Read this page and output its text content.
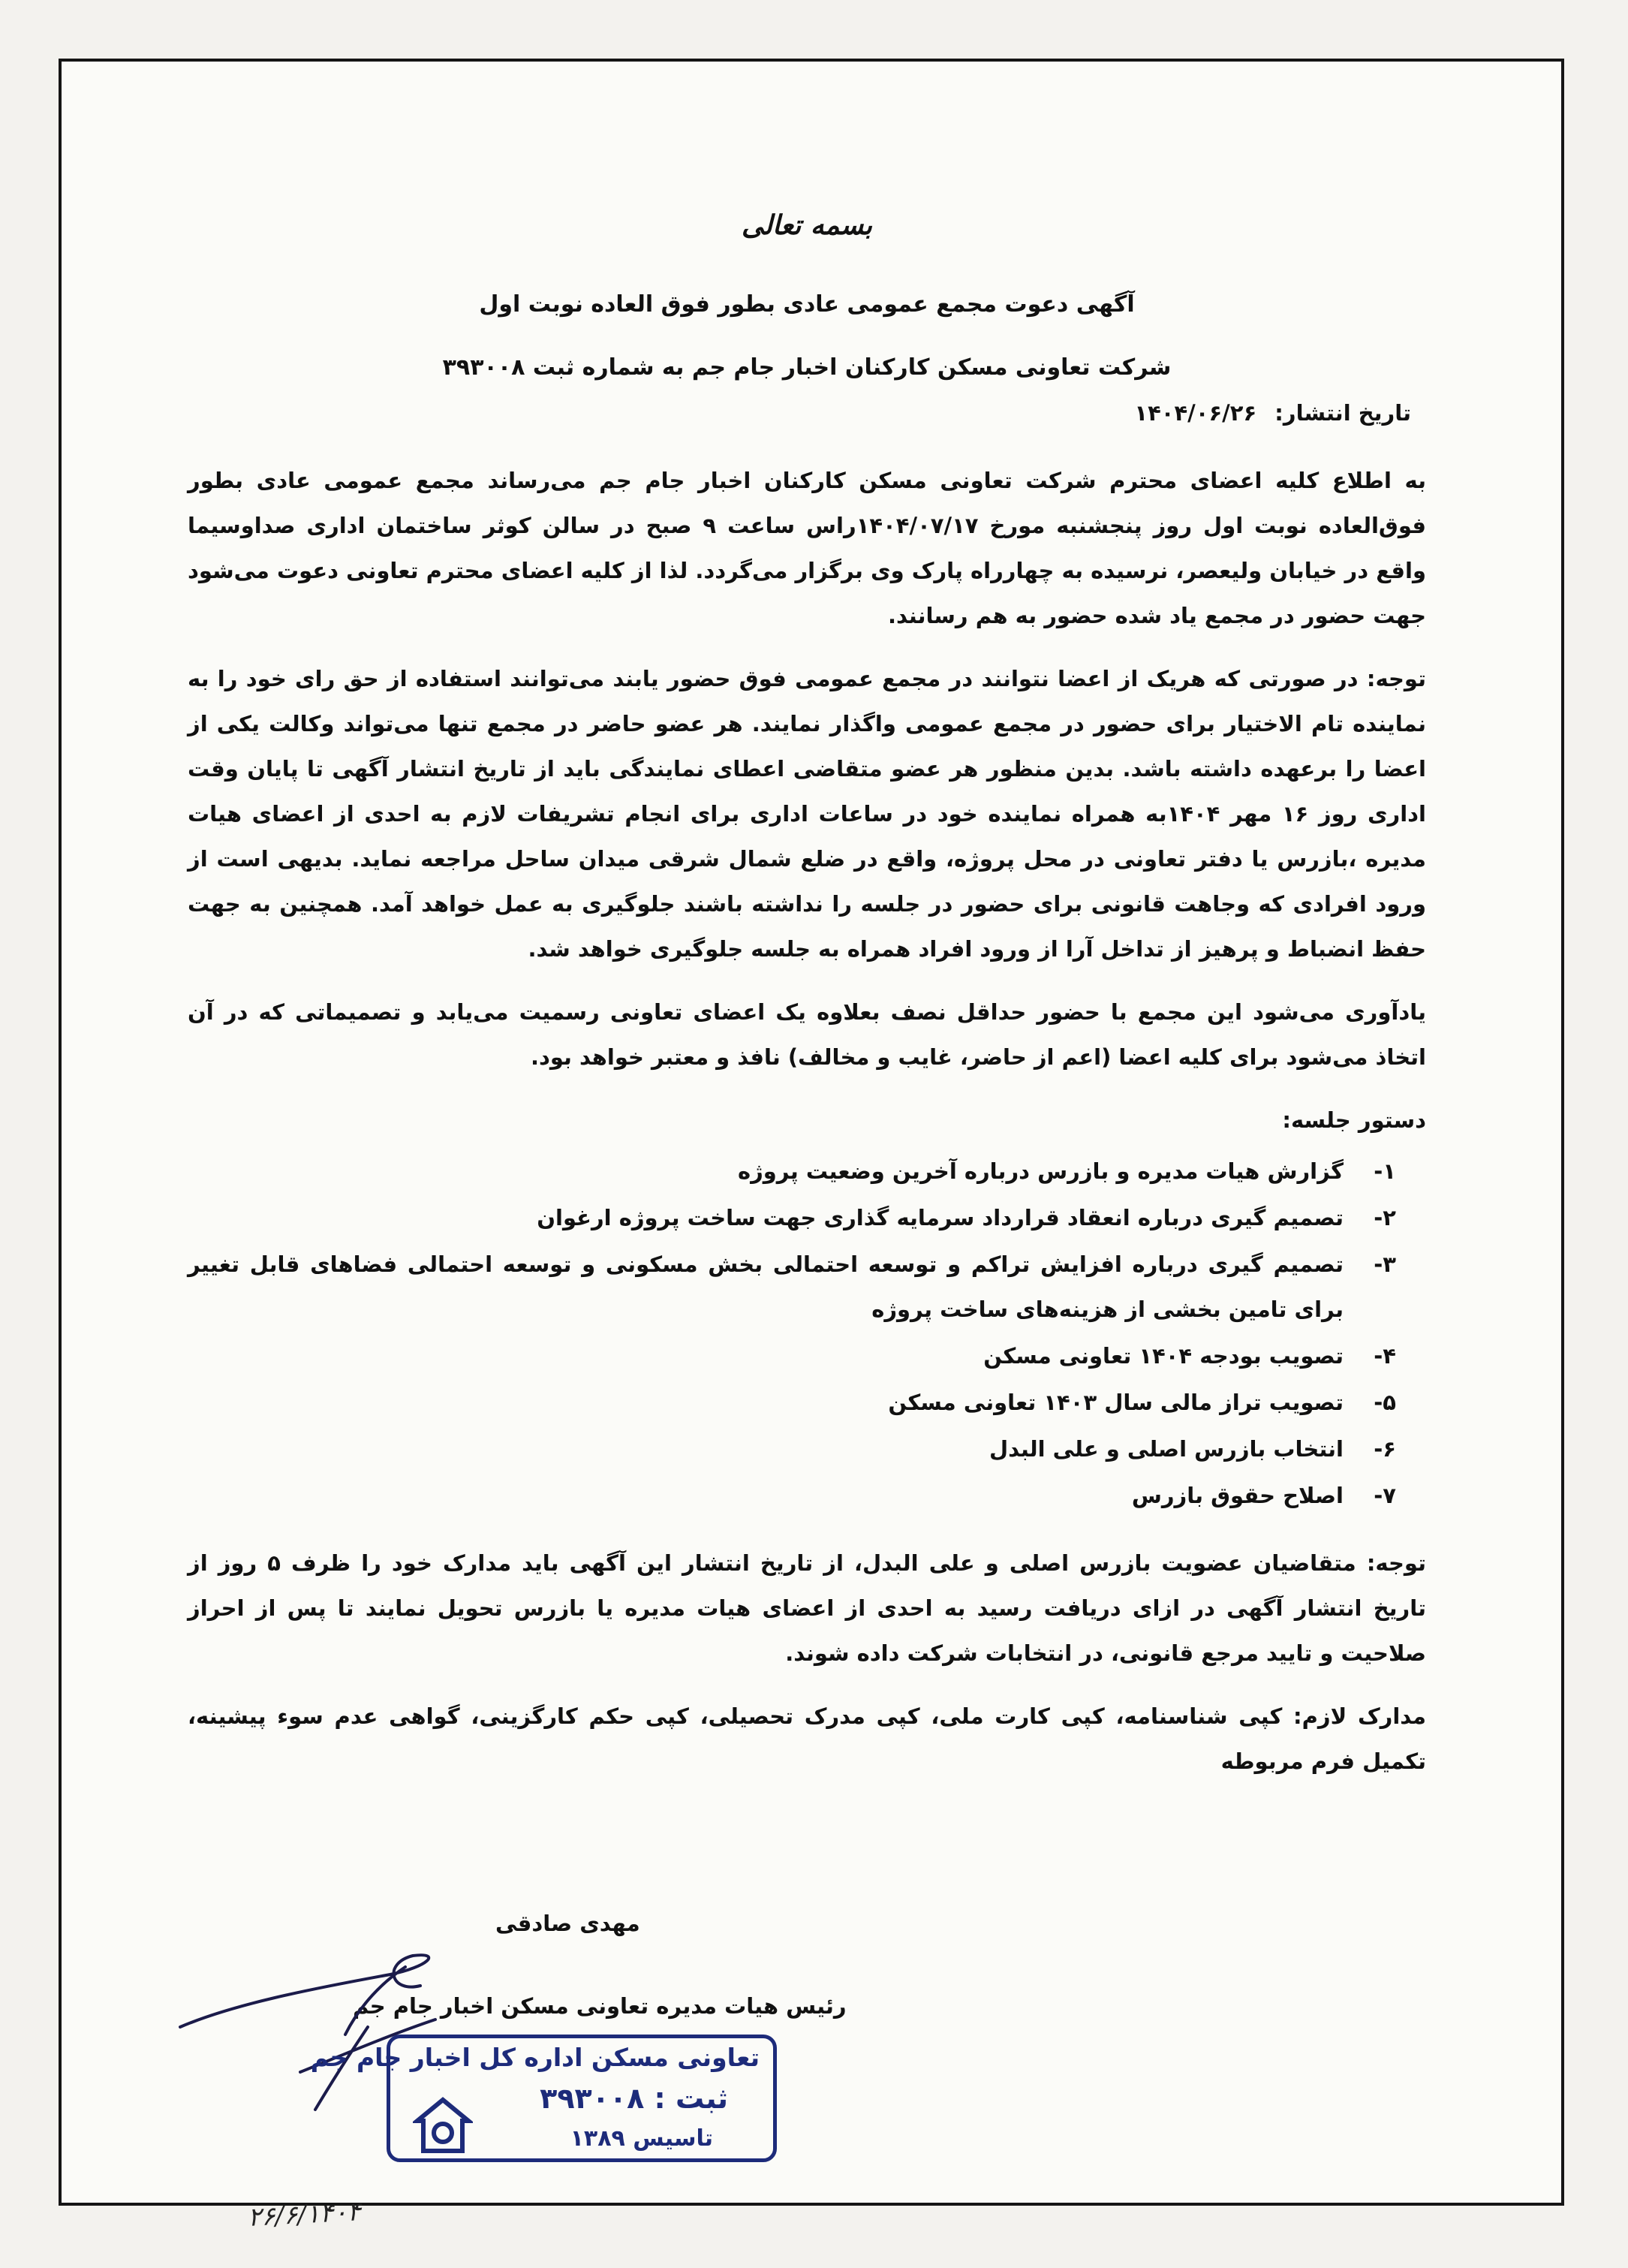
بسمه تعالی
آگهی دعوت مجمع عمومی عادی بطور فوق العاده نوبت اول
شرکت تعاونی مسکن کارکنان اخبار جام جم به شماره ثبت ۳۹۳۰۰۸
تاریخ انتشار: ۱۴۰۴/۰۶/۲۶

به اطلاع کلیه اعضای محترم شرکت تعاونی مسکن کارکنان اخبار جام جم می‌رساند مجمع عمومی عادی بطور فوق‌العاده نوبت اول روز پنجشنبه مورخ ۱۴۰۴/۰۷/۱۷راس ساعت ۹ صبح در سالن کوثر ساختمان اداری صداوسیما واقع در خیابان ولیعصر، نرسیده به چهارراه پارک وی برگزار می‌گردد. لذا از کلیه اعضای محترم تعاونی دعوت می‌شود جهت حضور در مجمع یاد شده حضور به هم رسانند.

توجه: در صورتی که هریک از اعضا نتوانند در مجمع عمومی فوق حضور یابند می‌توانند استفاده از حق رای خود را به نماینده تام الاختیار برای حضور در مجمع عمومی واگذار نمایند. هر عضو حاضر در مجمع تنها می‌تواند وکالت یکی از اعضا را برعهده داشته باشد. بدین منظور هر عضو متقاضی اعطای نمایندگی باید از تاریخ انتشار آگهی تا پایان وقت اداری روز ۱۶ مهر ۱۴۰۴به همراه نماینده خود در ساعات اداری برای انجام تشریفات لازم به احدی از اعضای هیات مدیره ،بازرس یا دفتر تعاونی در محل پروژه، واقع در ضلع شمال شرقی میدان ساحل مراجعه نماید. بدیهی است از ورود افرادی که وجاهت قانونی برای حضور در جلسه را نداشته باشند جلوگیری به عمل خواهد آمد. همچنین به جهت حفظ انضباط و پرهیز از تداخل آرا از ورود افراد همراه به جلسه جلوگیری خواهد شد.

یادآوری می‌شود این مجمع با حضور حداقل نصف بعلاوه یک اعضای تعاونی رسمیت می‌یابد و تصمیماتی که در آن اتخاذ می‌شود برای کلیه اعضا (اعم از حاضر، غایب و مخالف) نافذ و معتبر خواهد بود.

دستور جلسه:
۱-
گزارش هیات مدیره و بازرس درباره آخرین وضعیت پروژه
۲-
تصمیم گیری درباره انعقاد قرارداد سرمایه گذاری جهت ساخت پروژه ارغوان
۳-
تصمیم گیری درباره افزایش تراکم و توسعه احتمالی بخش مسکونی و توسعه احتمالی فضاهای قابل تغییر برای تامین بخشی از هزینه‌های ساخت پروژه
۴-
تصویب بودجه ۱۴۰۴ تعاونی مسکن
۵-
تصویب تراز مالی سال ۱۴۰۳ تعاونی مسکن
۶-
انتخاب بازرس اصلی و علی البدل
۷-
اصلاح حقوق بازرس

توجه: متقاضیان عضویت بازرس اصلی و علی البدل، از تاریخ انتشار این آگهی باید مدارک خود را ظرف ۵ روز از تاریخ انتشار آگهی در ازای دریافت رسید به احدی از اعضای هیات مدیره یا بازرس تحویل نمایند تا پس از احراز صلاحیت و تایید مرجع قانونی، در انتخابات شرکت داده شوند.

مدارک لازم: کپی شناسنامه، کپی کارت ملی، کپی مدرک تحصیلی، کپی حکم کارگزینی، گواهی عدم سوء پیشینه، تکمیل فرم مربوطه

مهدی صادقی
رئیس هیات مدیره تعاونی مسکن اخبار جام جم
تعاونی مسکن اداره کل اخبار جام جم
ثبت : ۳۹۳۰۰۸
تاسیس ۱۳۸۹
۲۶/۶/۱۴۰۴
